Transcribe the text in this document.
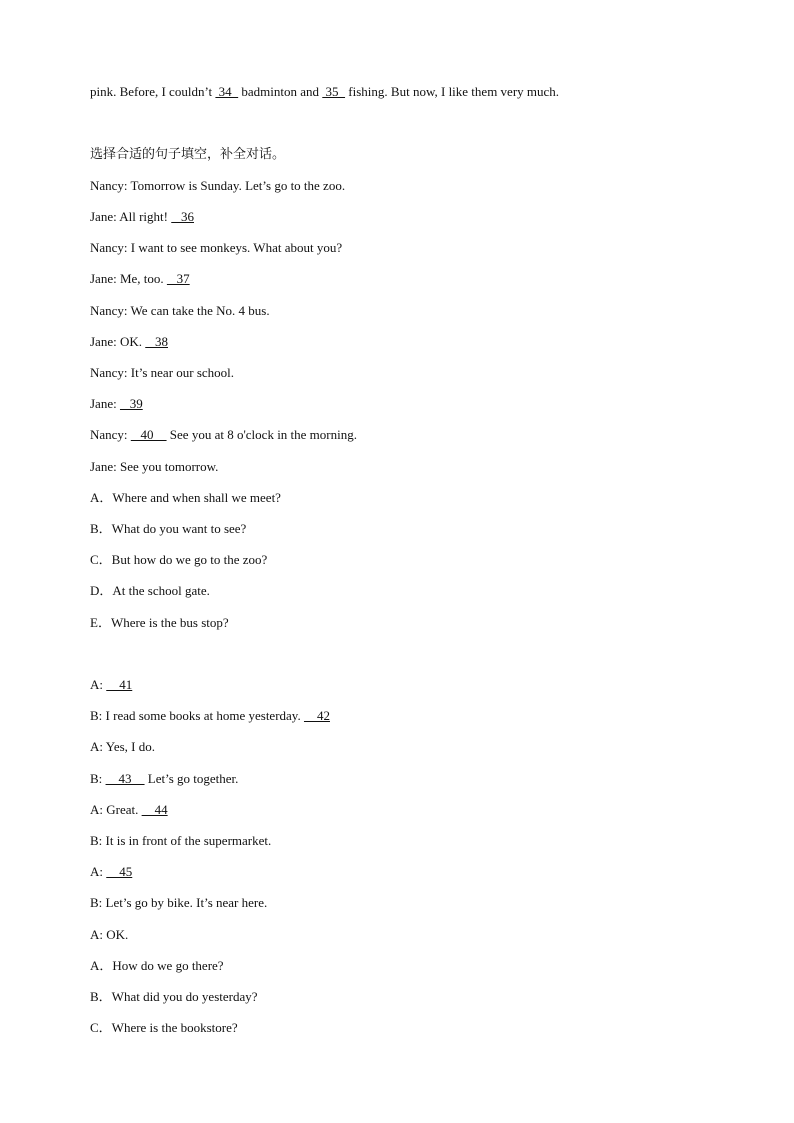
pink. Before, I couldn’t  34   badminton and  35   fishing. But now, I like them very much.
选择合适的句子填空，补全对话。
Nancy: Tomorrow is Sunday. Let’s go to the zoo.
Jane: All right!    36
Nancy: I want to see monkeys. What about you?
Jane: Me, too.    37
Nancy: We can take the No. 4 bus.
Jane: OK.    38
Nancy: It’s near our school.
Jane:    39
Nancy:    40     See you at 8 o'clock in the morning.
Jane: See you tomorrow.
A．Where and when shall we meet?
B．What do you want to see?
C．But how do we go to the zoo?
D．At the school gate.
E．Where is the bus stop?
A:     41
B: I read some books at home yesterday.     42
A: Yes, I do.
B:     43     Let’s go together.
A: Great.     44
B: It is in front of the supermarket.
A:     45
B: Let’s go by bike. It’s near here.
A: OK.
A．How do we go there?
B．What did you do yesterday?
C．Where is the bookstore?
